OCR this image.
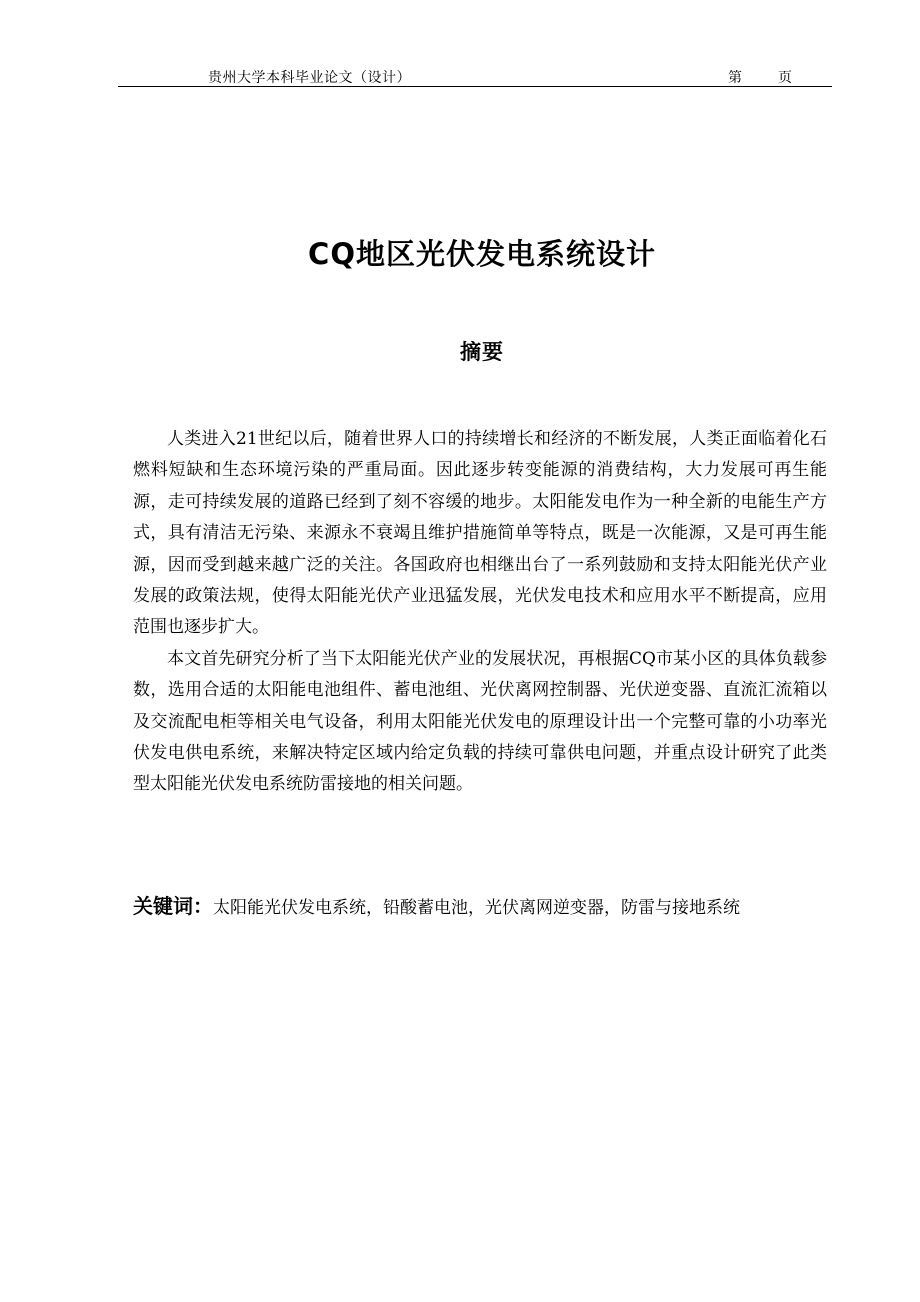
贵州大学本科毕业论文（设计）	第	页
CQ地区光伏发电系统设计
摘要

人类进入21世纪以后，随着世界人口的持续增长和经济的不断发展，人类正面临着化石燃料短缺和生态环境污染的严重局面。因此逐步转变能源的消费结构，大力发展可再生能源，走可持续发展的道路已经到了刻不容缓的地步。太阳能发电作为一种全新的电能生产方式，具有清洁无污染、来源永不衰竭且维护措施简单等特点，既是一次能源，又是可再生能源，因而受到越来越广泛的关注。各国政府也相继出台了一系列鼓励和支持太阳能光伏产业发展的政策法规，使得太阳能光伏产业迅猛发展，光伏发电技术和应用水平不断提高，应用范围也逐步扩大。

本文首先研究分析了当下太阳能光伏产业的发展状况，再根据CQ市某小区的具体负载参数，选用合适的太阳能电池组件、蓄电池组、光伏离网控制器、光伏逆变器、直流汇流箱以及交流配电柜等相关电气设备，利用太阳能光伏发电的原理设计出一个完整可靠的小功率光伏发电供电系统，来解决特定区域内给定负载的持续可靠供电问题，并重点设计研究了此类型太阳能光伏发电系统防雷接地的相关问题。

关键词：太阳能光伏发电系统，铅酸蓄电池，光伏离网逆变器，防雷与接地系统
